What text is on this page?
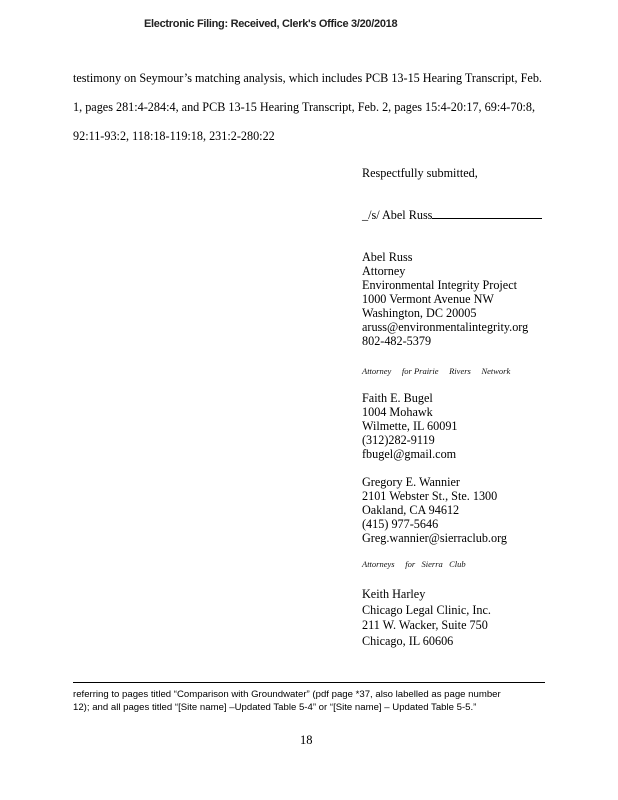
Electronic Filing: Received, Clerk's Office 3/20/2018
testimony on Seymour’s matching analysis, which includes PCB 13-15 Hearing Transcript, Feb.
1, pages 281:4-284:4, and PCB 13-15 Hearing Transcript, Feb. 2, pages 15:4-20:17, 69:4-70:8,
92:11-93:2, 118:18-119:18, 231:2-280:22
Respectfully submitted,
_/s/ Abel Russ
Abel Russ
Attorney
Environmental Integrity Project
1000 Vermont Avenue NW
Washington, DC 20005
aruss@environmentalintegrity.org
802-482-5379
Attorney     for Prairie     Rivers     Network
Faith E. Bugel
1004 Mohawk
Wilmette, IL 60091
(312)282-9119
fbugel@gmail.com
Gregory E. Wannier
2101 Webster St., Ste. 1300
Oakland, CA 94612
(415) 977-5646
Greg.wannier@sierraclub.org
Attorneys     for   Sierra   Club
Keith Harley
Chicago Legal Clinic, Inc.
211 W. Wacker, Suite 750
Chicago, IL 60606
referring to pages titled “Comparison with Groundwater” (pdf page *37, also labelled as page number
12); and all pages titled “[Site name] –Updated Table 5-4” or “[Site name] – Updated Table 5-5.”
18
